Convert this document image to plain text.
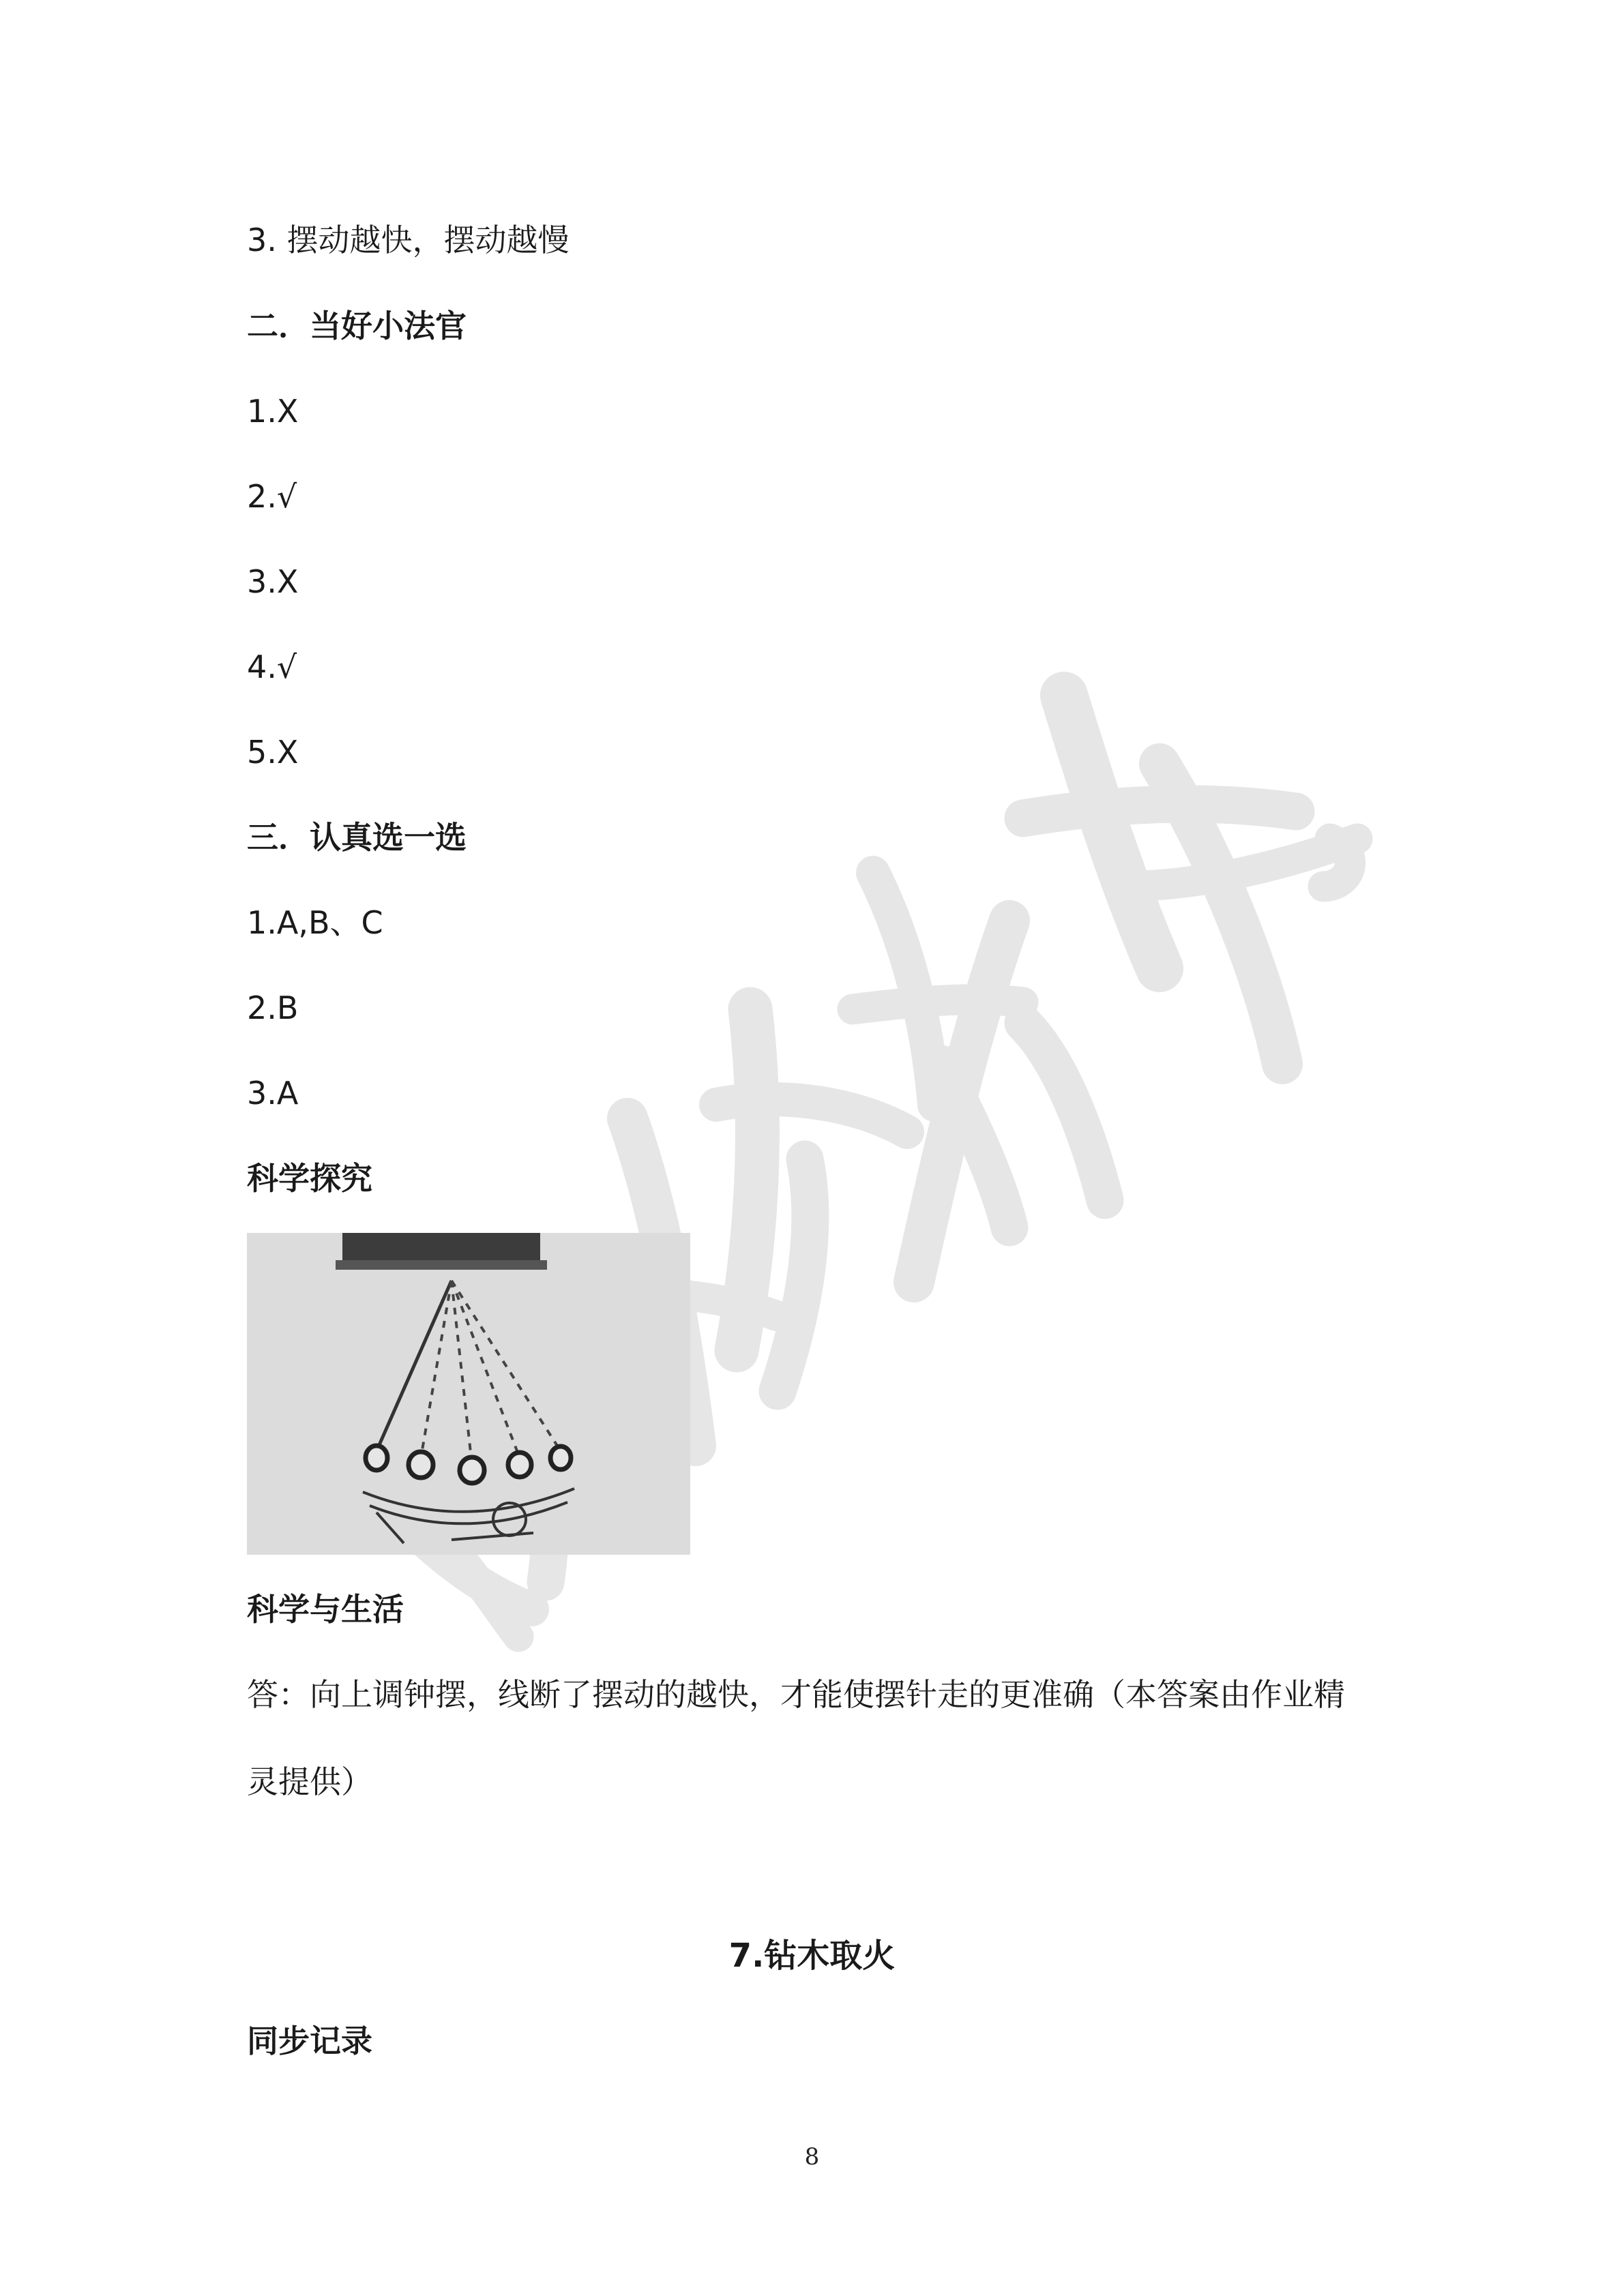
3. 摆动越快，摆动越慢
二．当好小法官
1.X
2.√
3.X
4.√
5.X
三．认真选一选
1.A,B、C
2.B
3.A
科学探究
科学与生活
答：向上调钟摆，线断了摆动的越快，才能使摆针走的更准确（本答案由作业精
灵提供）
7.钻木取火
同步记录
8
